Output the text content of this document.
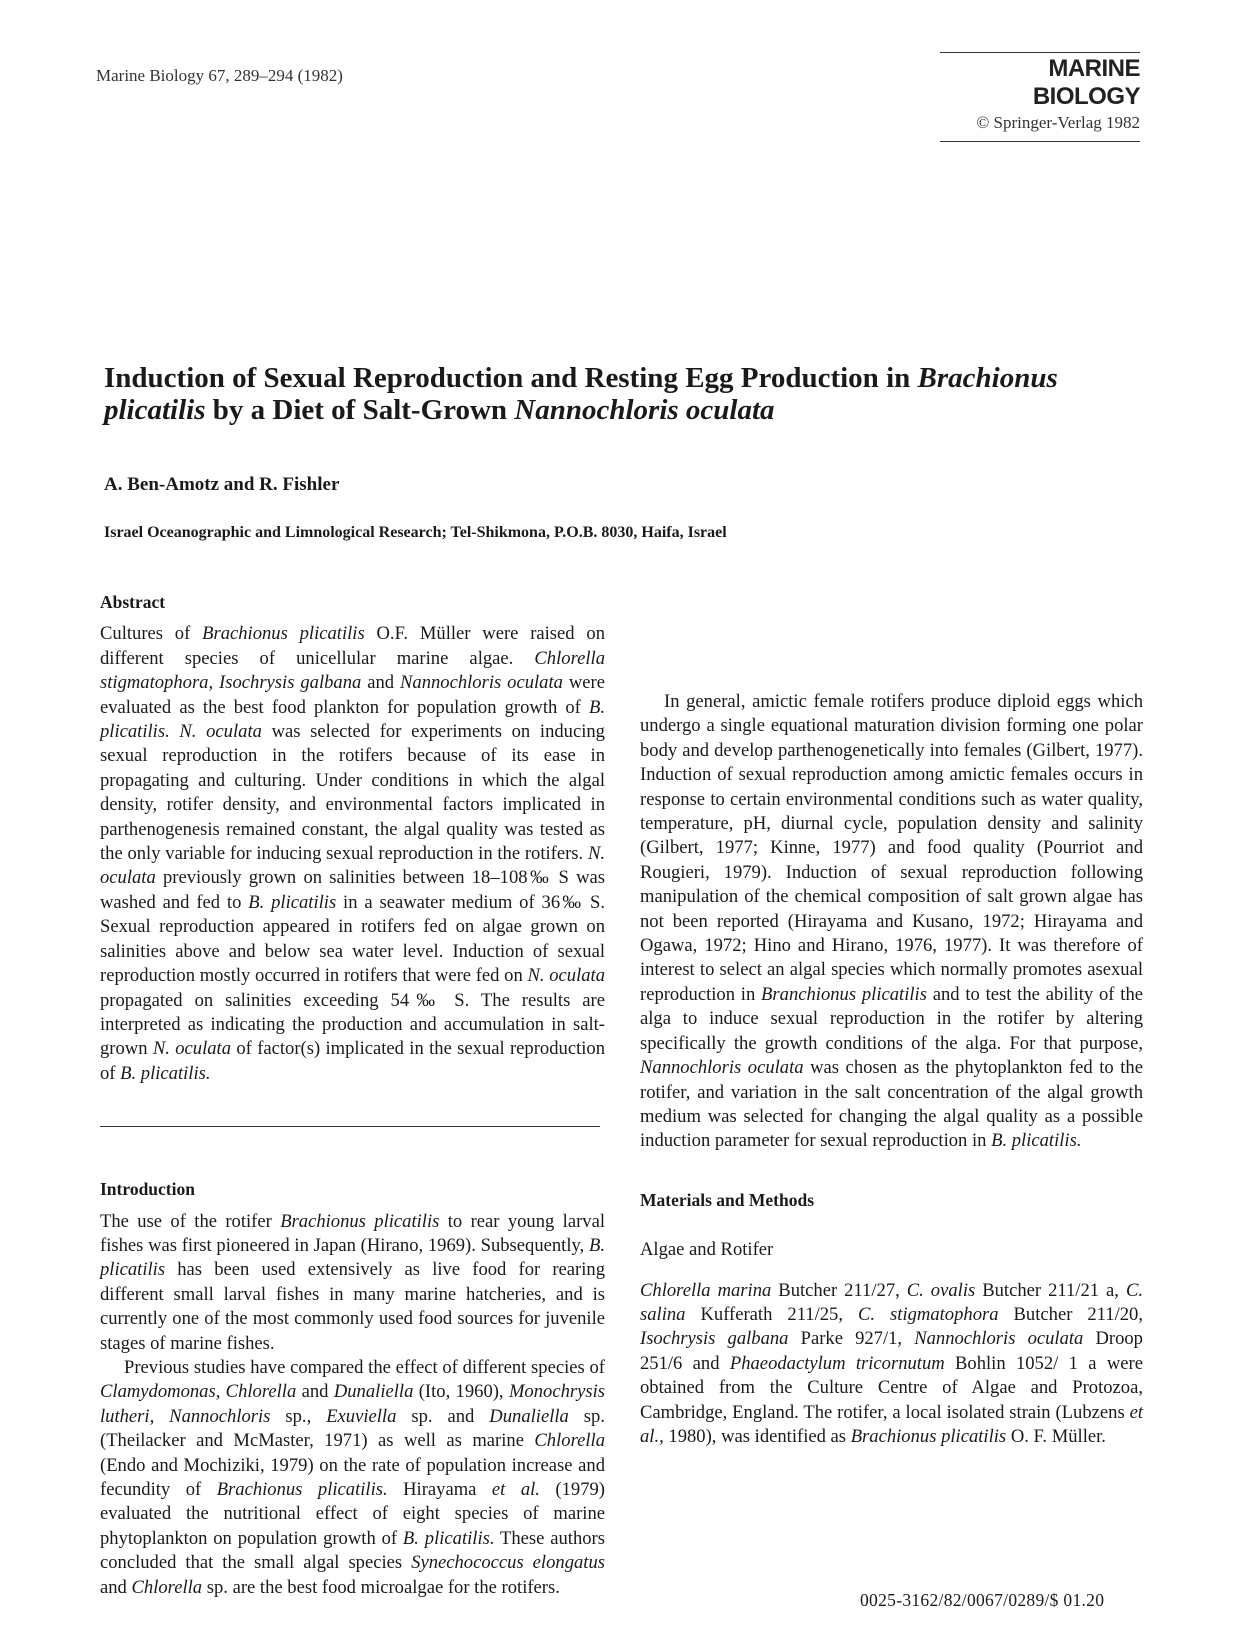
Marine Biology 67, 289–294 (1982)	MARINE BIOLOGY
© Springer-Verlag 1982
Induction of Sexual Reproduction and Resting Egg Production in Brachionus plicatilis by a Diet of Salt-Grown Nannochloris oculata
A. Ben-Amotz and R. Fishler
Israel Oceanographic and Limnological Research; Tel-Shikmona, P.O.B. 8030, Haifa, Israel
Abstract

Cultures of Brachionus plicatilis O.F. Müller were raised on different species of unicellular marine algae. Chlorella stigmatophora, Isochrysis galbana and Nannochloris oculata were evaluated as the best food plankton for population growth of B. plicatilis. N. oculata was selected for experiments on inducing sexual reproduction in the rotifers because of its ease in propagating and culturing. Under conditions in which the algal density, rotifer density, and environmental factors implicated in parthenogenesis remained constant, the algal quality was tested as the only variable for inducing sexual reproduction in the rotifers. N. oculata previously grown on salinities between 18–108‰ S was washed and fed to B. plicatilis in a seawater medium of 36‰ S. Sexual reproduction appeared in rotifers fed on algae grown on salinities above and below sea water level. Induction of sexual reproduction mostly occurred in rotifers that were fed on N. oculata propagated on salinities exceeding 54‰ S. The results are interpreted as indicating the production and accumulation in salt-grown N. oculata of factor(s) implicated in the sexual reproduction of B. plicatilis.

Introduction

The use of the rotifer Brachionus plicatilis to rear young larval fishes was first pioneered in Japan (Hirano, 1969). Subsequently, B. plicatilis has been used extensively as live food for rearing different small larval fishes in many marine hatcheries, and is currently one of the most commonly used food sources for juvenile stages of marine fishes.

Previous studies have compared the effect of different species of Clamydomonas, Chlorella and Dunaliella (Ito, 1960), Monochrysis lutheri, Nannochloris sp., Exuviella sp. and Dunaliella sp. (Theilacker and McMaster, 1971) as well as marine Chlorella (Endo and Mochiziki, 1979) on the rate of population increase and fecundity of Brachionus plicatilis. Hirayama et al. (1979) evaluated the nutritional effect of eight species of marine phytoplankton on population growth of B. plicatilis. These authors concluded that the small algal species Synechococcus elongatus and Chlorella sp. are the best food microalgae for the rotifers.

In general, amictic female rotifers produce diploid eggs which undergo a single equational maturation division forming one polar body and develop parthenogenetically into females (Gilbert, 1977). Induction of sexual reproduction among amictic females occurs in response to certain environmental conditions such as water quality, temperature, pH, diurnal cycle, population density and salinity (Gilbert, 1977; Kinne, 1977) and food quality (Pourriot and Rougieri, 1979). Induction of sexual reproduction following manipulation of the chemical composition of salt grown algae has not been reported (Hirayama and Kusano, 1972; Hirayama and Ogawa, 1972; Hino and Hirano, 1976, 1977). It was therefore of interest to select an algal species which normally promotes asexual reproduction in Branchionus plicatilis and to test the ability of the alga to induce sexual reproduction in the rotifer by altering specifically the growth conditions of the alga. For that purpose, Nannochloris oculata was chosen as the phytoplankton fed to the rotifer, and variation in the salt concentration of the algal growth medium was selected for changing the algal quality as a possible induction parameter for sexual reproduction in B. plicatilis.

Materials and Methods
Algae and Rotifer

Chlorella marina Butcher 211/27, C. ovalis Butcher 211/21 a, C. salina Kufferath 211/25, C. stigmatophora Butcher 211/20, Isochrysis galbana Parke 927/1, Nannochloris oculata Droop 251/6 and Phaeodactylum tricornutum Bohlin 1052/ 1 a were obtained from the Culture Centre of Algae and Protozoa, Cambridge, England. The rotifer, a local isolated strain (Lubzens et al., 1980), was identified as Brachionus plicatilis O. F. Müller.

0025-3162/82/0067/0289/$ 01.20
